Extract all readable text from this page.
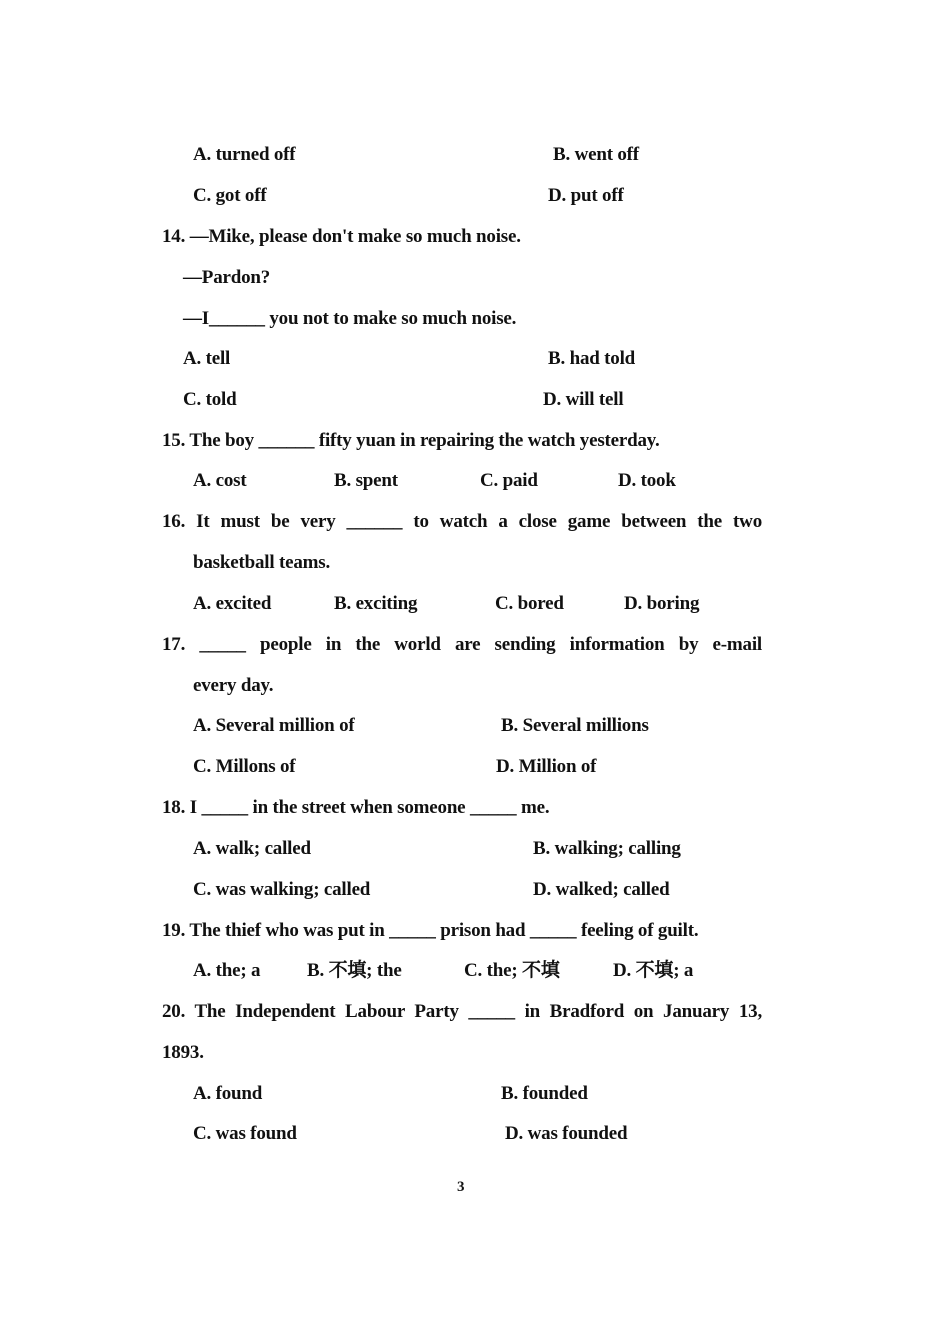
A. turned off	B. went off
C. got off	D. put off
14. —Mike, please don't make so much noise.
—Pardon?
—I______ you not to make so much noise.
A. tell	B. had told
C. told	D. will tell
15. The boy ______ fifty yuan in repairing the watch yesterday.
A. cost	B. spent	C. paid	D. took
16. It must be very ______ to watch a close game between the two
basketball teams.
A. excited	B. exciting	C. bored	D. boring
17. _____ people in the world are sending information by e-mail
every day.
A. Several million of	B. Several millions
C. Millons of	D. Million of
18. I _____ in the street when someone _____ me.
A. walk; called	B. walking; calling
C. was walking; called	D. walked; called
19. The thief who was put in _____ prison had _____ feeling of guilt.
A. the; a B. 不填; the	C. the; 不填	D. 不填; a
20. The Independent Labour Party _____ in Bradford on January 13,
1893.
A. found	B. founded
C. was found	D. was founded
3
